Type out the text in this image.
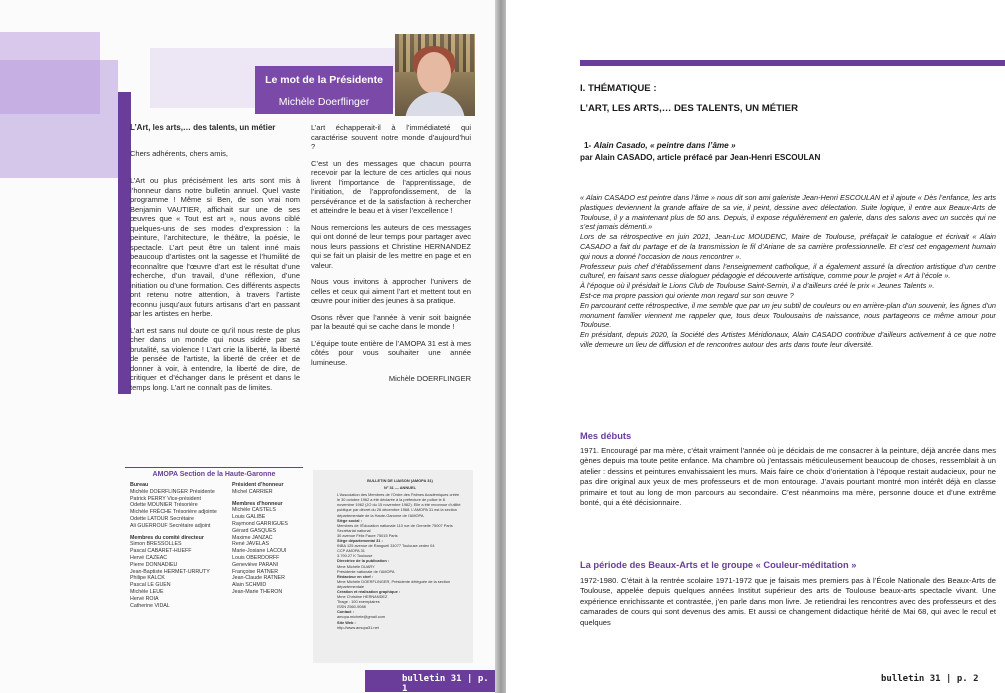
Le mot de la Présidente
Michèle Doerflinger

L’Art, les arts,… des talents, un métier

Chers adhérents, chers amis,

L’Art ou plus précisément les arts sont mis à l’honneur dans notre bulletin annuel. Quel vaste programme ! Même si Ben, de son vrai nom Benjamin VAUTIER, affichait sur une de ses œuvres que « Tout est art », nous avons ciblé quelques-uns de ses modes d’expression : la peinture, l’architecture, le théâtre, la poésie, le spectacle. L’art peut être un talent inné mais beaucoup d’artistes ont la sagesse et l’humilité de reconnaître que l’œuvre d’art est le résultat d’une recherche, d’un travail, d’une réflexion, d’une initiation ou d’une formation. Ces différents aspects ont retenu notre attention, à travers l’artiste reconnu jusqu’aux futurs artisans d’art en passant par les artistes en herbe.

L’art est sans nul doute ce qu’il nous reste de plus cher dans un monde qui nous sidère par sa brutalité, sa violence ! L’art crie la liberté, la liberté de pensée de l’artiste, la liberté de créer et de donner à voir, à entendre, la liberté de dire, de critiquer et d’échanger dans le présent et dans le temps long. L’art ne connaît pas de limites.

L’art échapperait-il à l’immédiateté qui caractérise souvent notre monde d’aujourd’hui ?

C’est un des messages que chacun pourra recevoir par la lecture de ces articles qui nous livrent l’importance de l’apprentissage, de l’initiation, de l’approfondissement, de la persévérance et de la satisfaction à rechercher et atteindre le beau et à viser l’excellence !

Nous remercions les auteurs de ces messages qui ont donné de leur temps pour partager avec nous leurs passions et Christine HERNANDEZ qui se fait un plaisir de les mettre en page et en valeur.

Nous vous invitons à approcher l’univers de celles et ceux qui aiment l’art et mettent tout en œuvre pour initier des jeunes à sa pratique.

Osons rêver que l’année à venir soit baignée par la beauté qui se cache dans le monde !

L’équipe toute entière de l’AMOPA 31 est à mes côtés pour vous souhaiter une année lumineuse.

Michèle DOERFLINGER

AMOPA Section de la Haute-Garonne

Bureau

Michèle DOERFLINGER Présidente

Patrick PERRY Vice-président

Odette MOUNIER Trésorière

Michèle FRÈCHE Trésorière adjointe

Odette LATOUR Secrétaire

Ali GUERROUF Secrétaire adjoint

Membres du comité directeur

Simon BRESSOLLES

Pascal CABARET-HUEFF

Hervé CAZEAC

Pierre DONNADIEU

Jean-Baptiste HERMET-URRUTY

Philipe KALCK

Pascal LE GUEN

Michèle LEUE

Hervé ROIA

Catherine VIDAL

Président d’honneur

Michel CARRIER

Membres d’honneur

Michèle CASTELS

Louis GALIBE

Raymond GARRIGUES

Gérard GASQUES

Maxime JANZAC

René JAVELAS

Marie-Josiane LACOUI

Louis OBERDORFF

Geneviève PARANI

Françoise RATNER

Jean-Claude RATNER

Alain SCHMID

Jean-Marie THERON

BULLETIN DE LIAISON (AMOPA 31)

N° 31 — ANNUEL

L’Association des Membres de l’Ordre des Palmes Académiques créée le 30 octobre 1962 a été déclarée à la préfecture de police le 8 novembre 1962 (JO du 15 novembre 1962). Elle a été reconnue d’utilité publique par décret du 26 décembre 1968. L’AMOPA 31 est la section départementale de la Haute-Garonne de l’AMOPA.

Siège social :

Membres de l’Éducation nationale 110 rue de Grenelle 75007 Paris

Secrétariat national

30 avenue Félix Faure 75015 Paris

Siège départemental 31 :

INBA 125 avenue de Rangueil 31077 Toulouse cedex 04

CCP AMOPA 31

3.790.27 K Toulouse

Directrice de la publication :

Mme Michèle DUARY

Présidente nationale de l’AMOPA

Rédacteur en chef :

Mme Michèle DOERFLINGER, Présidente déléguée de la section départementale

Création et réalisation graphique :

Mme Christine HERNANDEZ

Tirage : 100 exemplaires

ISSN 2560-9088

Contact :

amopa.michele@gmail.com

Site Web :

http://www.amopa31.net

bulletin 31 | p. 1
I. THÉMATIQUE :
L’ART, LES ARTS,… DES TALENTS, UN MÉTIER
1- Alain Casado, « peintre dans l’âme »
par Alain CASADO, article préfacé par Jean-Henri ESCOULAN

« Alain CASADO est peintre dans l’âme » nous dit son ami galeriste Jean-Henri ESCOULAN et il ajoute « Dès l’enfance, les arts plastiques deviennent la grande affaire de sa vie, il peint, dessine avec délectation. Suite logique, il entre aux Beaux-Arts de Toulouse, il y a maintenant plus de 50 ans. Depuis, il expose régulièrement en galerie, dans des salons avec un succès qui ne s’est jamais démenti.»

Lors de sa rétrospective en juin 2021, Jean-Luc MOUDENC, Maire de Toulouse, préfaçait le catalogue et écrivait « Alain CASADO a fait du partage et de la transmission le fil d’Ariane de sa carrière professionnelle. Et c’est cet engagement humain qui nous a donné l’occasion de nous rencontrer ».

Professeur puis chef d’établissement dans l’enseignement catholique, il a également assuré la direction artistique d’un centre culturel, en faisant sans cesse dialoguer pédagogie et découverte artistique, comme pour le projet « Art à l’école ».

À l’époque où il présidait le Lions Club de Toulouse Saint-Sernin, il a d’ailleurs créé le prix « Jeunes Talents ».

Est-ce ma propre passion qui oriente mon regard sur son œuvre ?

En parcourant cette rétrospective, il me semble que par un jeu subtil de couleurs ou en arrière-plan d’un souvenir, les lignes d’un monument familier viennent me rappeler que, tous deux Toulousains de naissance, nous partageons ce même amour pour Toulouse.

En présidant, depuis 2020, la Société des Artistes Méridionaux, Alain CASADO contribue d’ailleurs activement à ce que notre ville demeure un lieu de diffusion et de rencontres autour des arts dans toute leur diversité.

Mes débuts

1971. Encouragé par ma mère, c’était vraiment l’année où je décidais de me consacrer à la peinture, déjà ancrée dans mes gènes depuis ma toute petite enfance. Ma chambre où j’entassais méticuleusement beaucoup de choses, ressemblait à un atelier : dessins et peintures envahissaient les murs. Mais faire ce choix d’orientation à l’époque restait audacieux, pour ne pas dire original aux yeux de mes professeurs et de mon entourage. J’avais pourtant montré mon intérêt déjà en classe primaire et tout au long de mon parcours au secondaire. C’est néanmoins ma mère, personne douce et d’une extrême bonté, qui a été décisionnaire.

La période des Beaux-Arts et le groupe « Couleur-méditation »

1972-1980. C’était à la rentrée scolaire 1971-1972 que je faisais mes premiers pas à l’École Nationale des Beaux-Arts de Toulouse, appelée depuis quelques années Institut supérieur des arts de Toulouse beaux-arts spectacle vivant. Une expérience enrichissante et contrastée, j’en parle dans mon livre. Je retiendrai les rencontres avec des professeurs et des camarades de cours qui sont devenus des amis. Et aussi ce changement didactique hérité de Mai 68, qui avec le recul et quelques

bulletin 31 | p. 2
